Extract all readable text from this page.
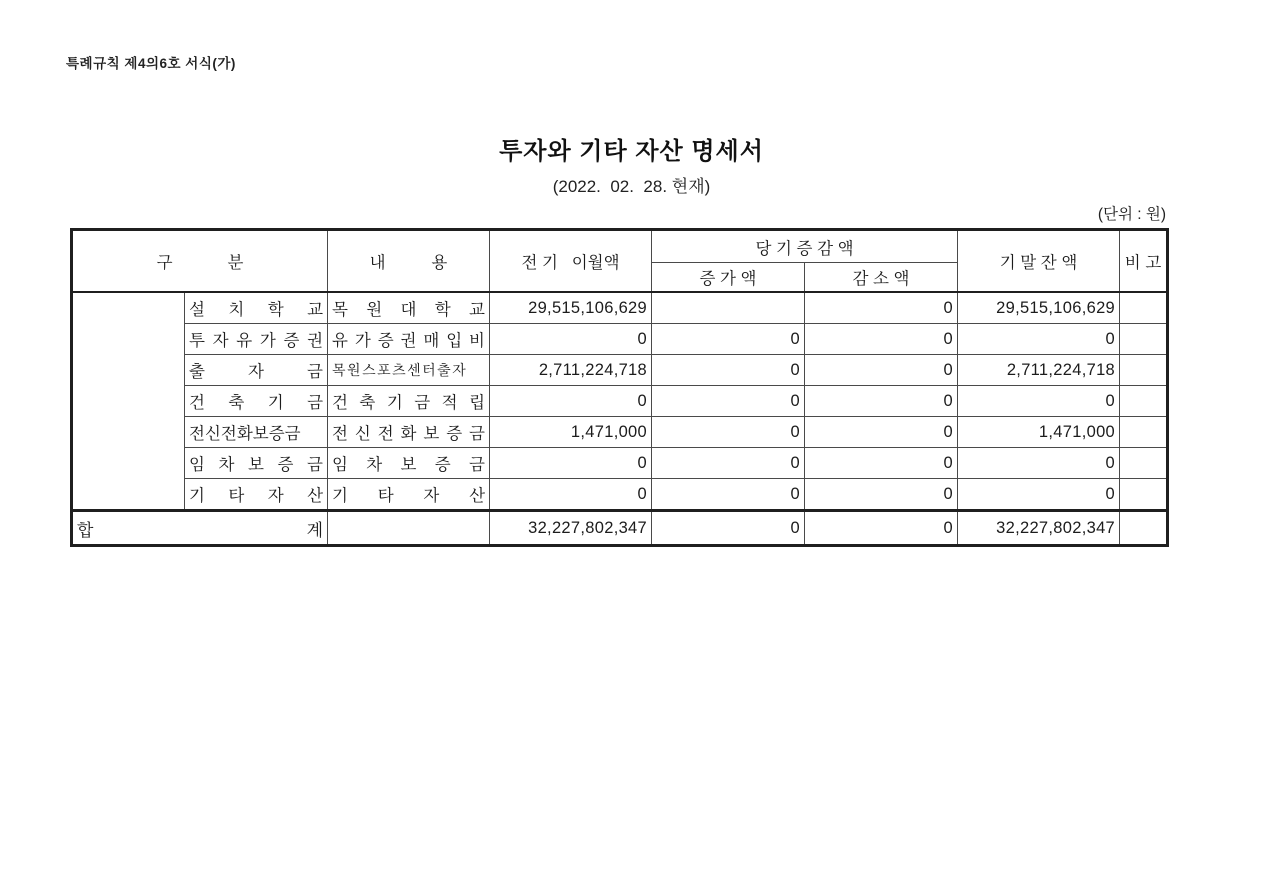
특례규칙 제4의6호 서식(가)
투자와 기타 자산 명세서
(2022.  02.  28. 현재)
(단위 : 원)
구            분		내          용	전 기   이월액	당 기 증 감 액		기 말 잔 액	비 고
				증 가 액	감 소 액		
	설 치 학 교	목 원 대 학 교	29,515,106,629		0	29,515,106,629	
	투 자 유 가 증 권	유 가 증 권 매 입 비	0	0	0	0	
	출 자 금	목원스포츠센터출자	2,711,224,718	0	0	2,711,224,718	
	건 축 기 금	건 축 기 금 적 립	0	0	0	0	
	전신전화보증금	전 신 전 화 보 증 금	1,471,000	0	0	1,471,000	
	임 차 보 증 금	임 차 보 증 금	0	0	0	0	
	기 타 자 산	기 타 자 산	0	0	0	0	
합            계			32,227,802,347	0	0	32,227,802,347	
